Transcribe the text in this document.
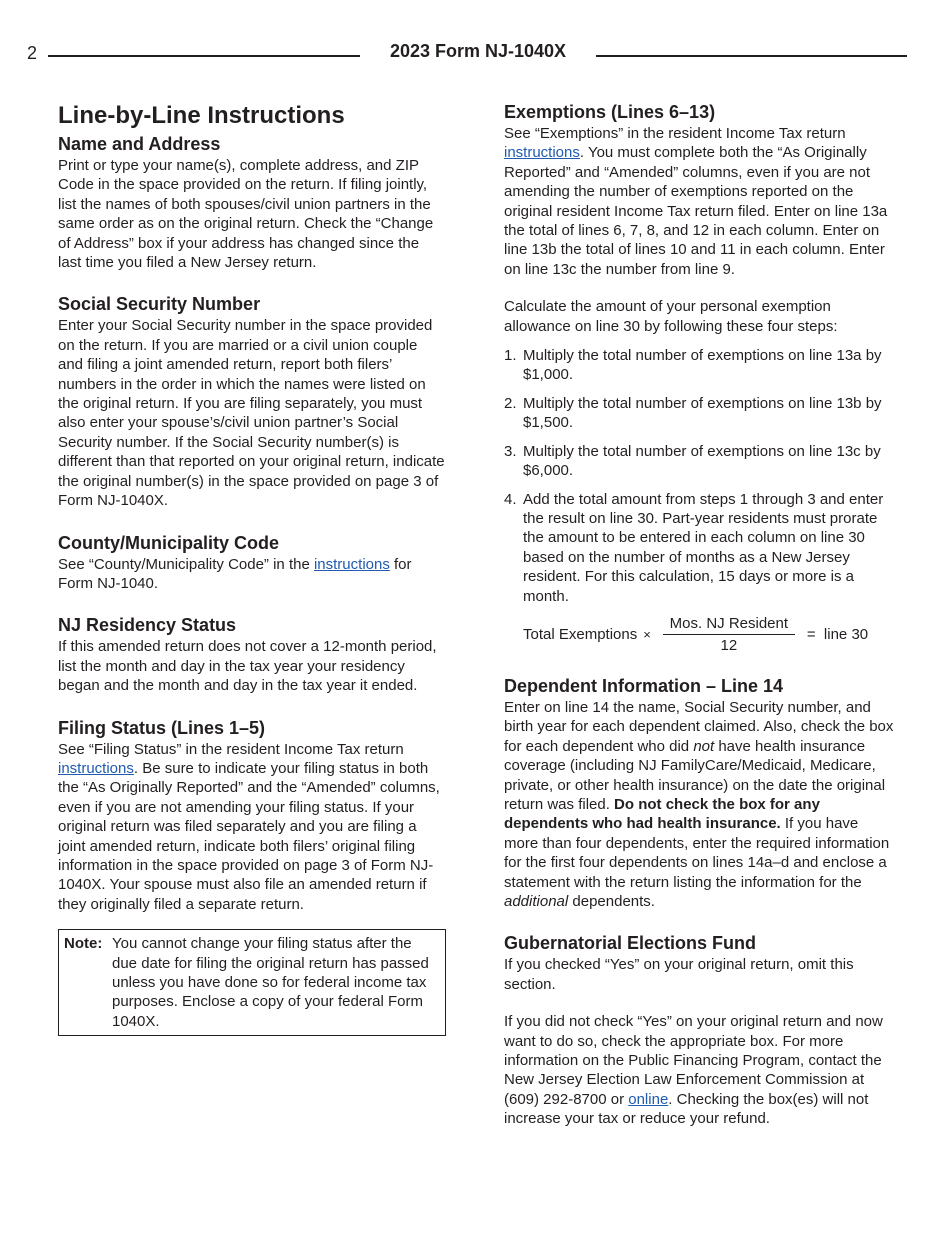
2	2023 Form NJ-1040X
Line-by-Line Instructions
Name and Address

Print or type your name(s), complete address, and ZIP Code in the space provided on the return. If filing jointly, list the names of both spouses/civil union partners in the same order as on the original return. Check the “Change of Address” box if your address has changed since the last time you filed a New Jersey return.

Social Security Number

Enter your Social Security number in the space provided on the return. If you are married or a civil union couple and filing a joint amended return, report both filers’ numbers in the order in which the names were listed on the original return. If you are filing separately, you must also enter your spouse’s/civil union partner’s Social Security number. If the Social Security number(s) is different than that reported on your original return, indicate the original number(s) in the space provided on page 3 of Form NJ-1040X.

County/Municipality Code

See “County/Municipality Code” in the instructions for Form NJ-1040.

NJ Residency Status

If this amended return does not cover a 12-month period, list the month and day in the tax year your residency began and the month and day in the tax year it ended.

Filing Status (Lines 1–5)

See “Filing Status” in the resident Income Tax return instructions. Be sure to indicate your filing status in both the “As Originally Reported” and the “Amended” columns, even if you are not amending your filing status. If your original return was filed separately and you are filing a joint amended return, indicate both filers’ original filing information in the space provided on page 3 of Form NJ-1040X. Your spouse must also file an amended return if they originally filed a separate return.

Note: You cannot change your filing status after the due date for filing the original return has passed unless you have done so for federal income tax purposes. Enclose a copy of your federal Form 1040X.
Exemptions (Lines 6–13)

See “Exemptions” in the resident Income Tax return instructions. You must complete both the “As Originally Reported” and “Amended” columns, even if you are not amending the number of exemptions reported on the original resident Income Tax return filed. Enter on line 13a the total of lines 6, 7, 8, and 12 in each column. Enter on line 13b the total of lines 10 and 11 in each column. Enter on line 13c the number from line 9.

Calculate the amount of your personal exemption allowance on line 30 by following these four steps:

1. Multiply the total number of exemptions on line 13a by $1,000.
2. Multiply the total number of exemptions on line 13b by $1,500.
3. Multiply the total number of exemptions on line 13c by $6,000.
4. Add the total amount from steps 1 through 3 and enter the result on line 30. Part-year residents must prorate the amount to be entered in each column on line 30 based on the number of months as a New Jersey resident. For this calculation, 15 days or more is a month.
Total Exemptions × $\frac{\text{Mos. NJ Resident}}{12}$ =  line 30
Dependent Information – Line 14

Enter on line 14 the name, Social Security number, and birth year for each dependent claimed. Also, check the box for each dependent who did not have health insurance coverage (including NJ FamilyCare/Medicaid, Medicare, private, or other health insurance) on the date the original return was filed. Do not check the box for any dependents who had health insurance. If you have more than four dependents, enter the required information for the first four dependents on lines 14a–d and enclose a statement with the return listing the information for the additional dependents.

Gubernatorial Elections Fund

If you checked “Yes” on your original return, omit this section.

If you did not check “Yes” on your original return and now want to do so, check the appropriate box. For more information on the Public Financing Program, contact the New Jersey Election Law Enforcement Commission at (609) 292-8700 or online. Checking the box(es) will not increase your tax or reduce your refund.
